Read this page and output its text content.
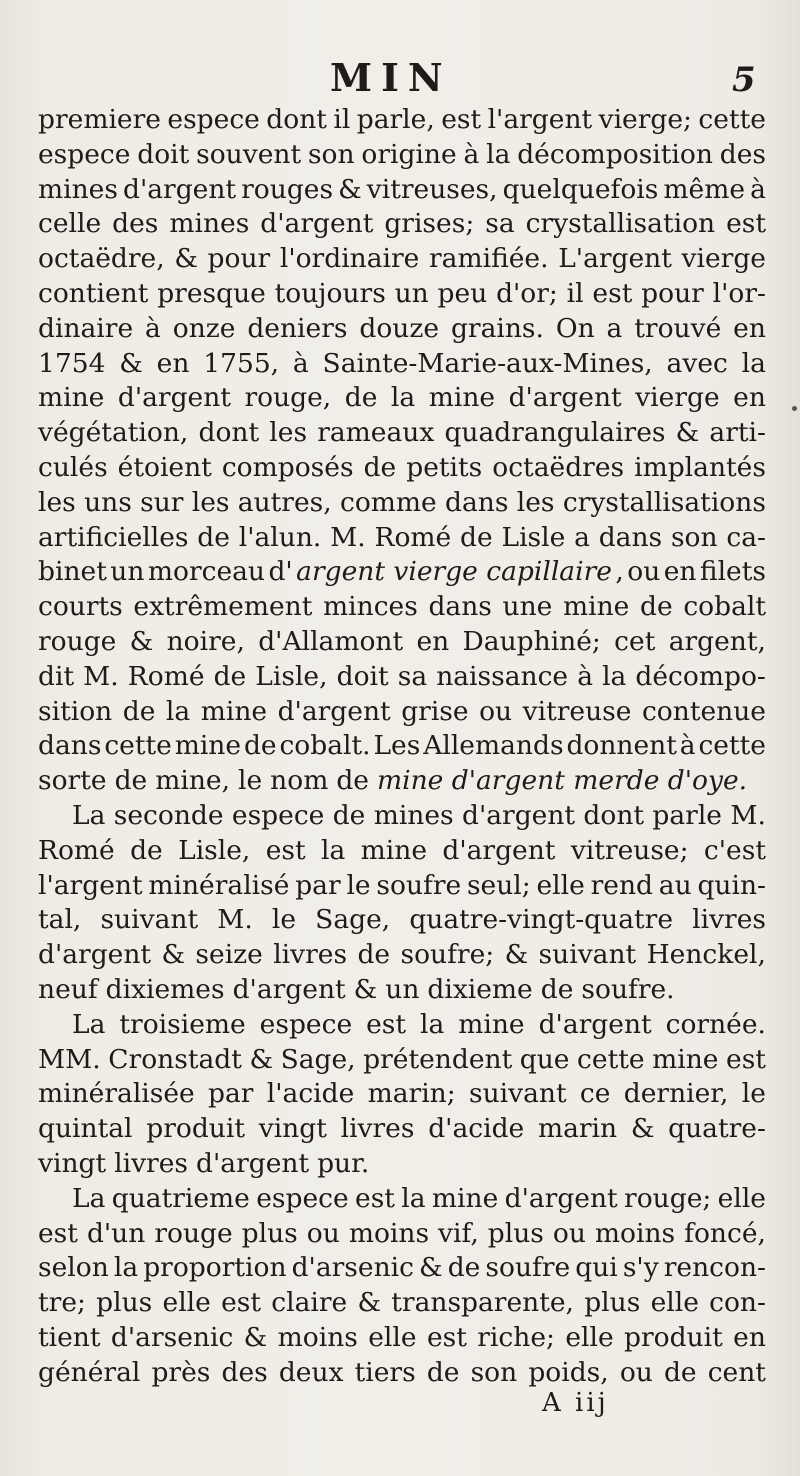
MIN	5
premiere espece dont il parle, est l'argent vierge; cette
espece doit souvent son origine à la décomposition des
mines d'argent rouges & vitreuses, quelquefois même à
celle des mines d'argent grises; sa crystallisation est
octaëdre, & pour l'ordinaire ramifiée. L'argent vierge
contient presque toujours un peu d'or; il est pour l'or-
dinaire à onze deniers douze grains. On a trouvé en
1754 & en 1755, à Sainte-Marie-aux-Mines, avec la
mine d'argent rouge, de la mine d'argent vierge en
végétation, dont les rameaux quadrangulaires & arti-
culés étoient composés de petits octaëdres implantés
les uns sur les autres, comme dans les crystallisations
artificielles de l'alun. M. Romé de Lisle a dans son ca-
binet un morceau d' argent vierge capillaire , ou en filets
courts extrêmement minces dans une mine de cobalt
rouge & noire, d'Allamont en Dauphiné; cet argent,
dit M. Romé de Lisle, doit sa naissance à la décompo-
sition de la mine d'argent grise ou vitreuse contenue
dans cette mine de cobalt. Les Allemands donnent à cette
sorte de mine, le nom de mine d'argent merde d'oye.
La seconde espece de mines d'argent dont parle M.
Romé de Lisle, est la mine d'argent vitreuse; c'est
l'argent minéralisé par le soufre seul; elle rend au quin-
tal, suivant M. le Sage, quatre-vingt-quatre livres
d'argent & seize livres de soufre; & suivant Henckel,
neuf dixiemes d'argent & un dixieme de soufre.
La troisieme espece est la mine d'argent cornée.
MM. Cronstadt & Sage, prétendent que cette mine est
minéralisée par l'acide marin; suivant ce dernier, le
quintal produit vingt livres d'acide marin & quatre-
vingt livres d'argent pur.
La quatrieme espece est la mine d'argent rouge; elle
est d'un rouge plus ou moins vif, plus ou moins foncé,
selon la proportion d'arsenic & de soufre qui s'y rencon-
tre; plus elle est claire & transparente, plus elle con-
tient d'arsenic & moins elle est riche; elle produit en
général près des deux tiers de son poids, ou de cent
A iij
